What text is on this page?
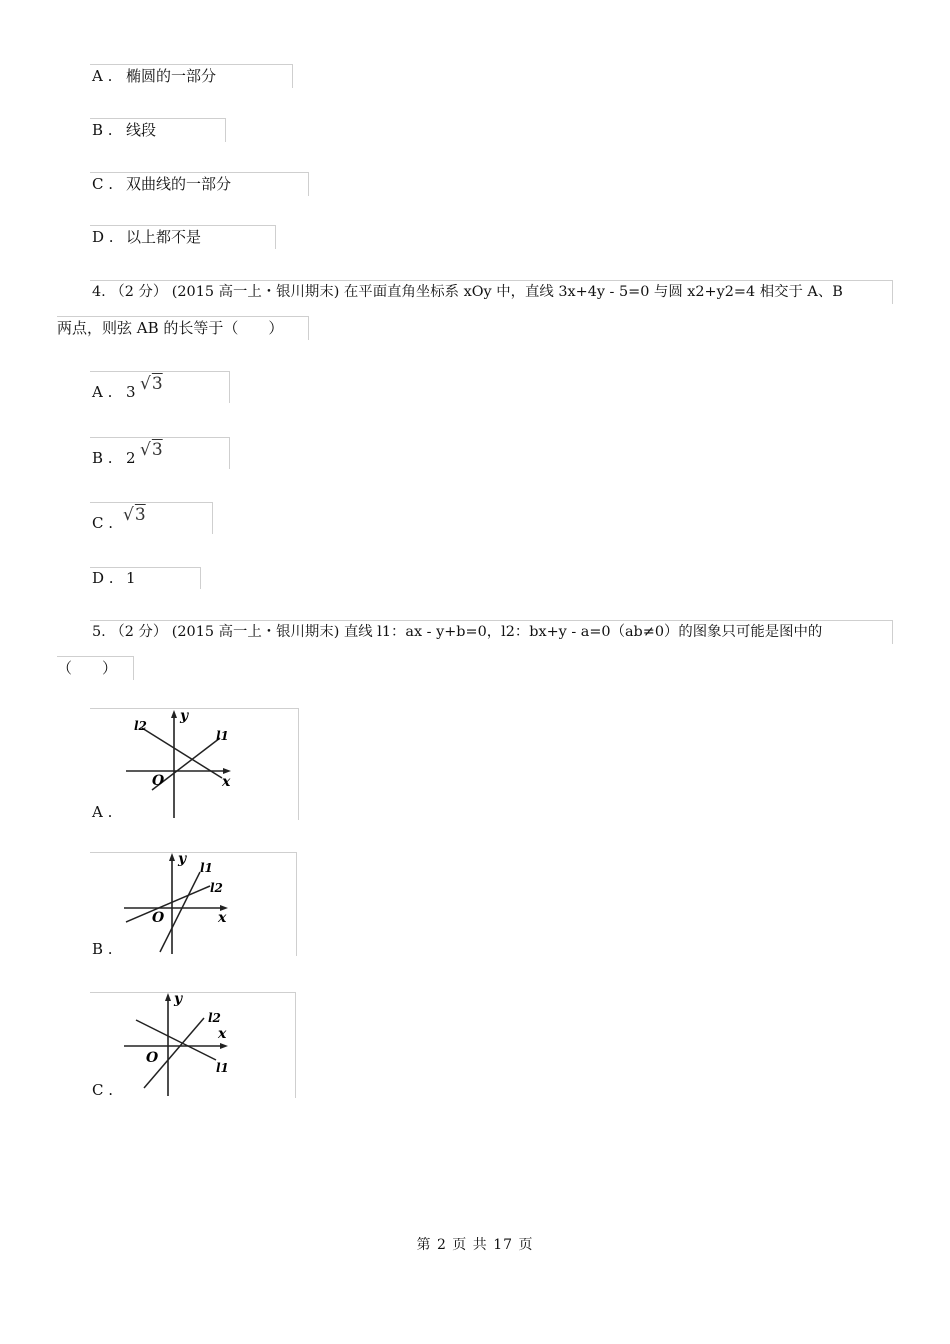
A . 椭圆的一部分
B . 线段
C . 双曲线的一部分
D . 以上都不是
4. （2 分） (2015 高一上・银川期末) 在平面直角坐标系 xOy 中，直线 3x+4y - 5=0 与圆 x2+y2=4 相交于 A、B
两点，则弦 AB 的长等于（　　）
A . 3 √3
B . 2 √3
C . √3
D . 1
5. （2 分） (2015 高一上・银川期末) 直线 l1：ax - y+b=0，l2：bx+y - a=0（ab≠0）的图象只可能是图中的
（　　）
A .
y
x
O
l2
l1
B .
y
x
O
l1
l2
C .
y
x
O
l2
l1
第 2 页 共 17 页
